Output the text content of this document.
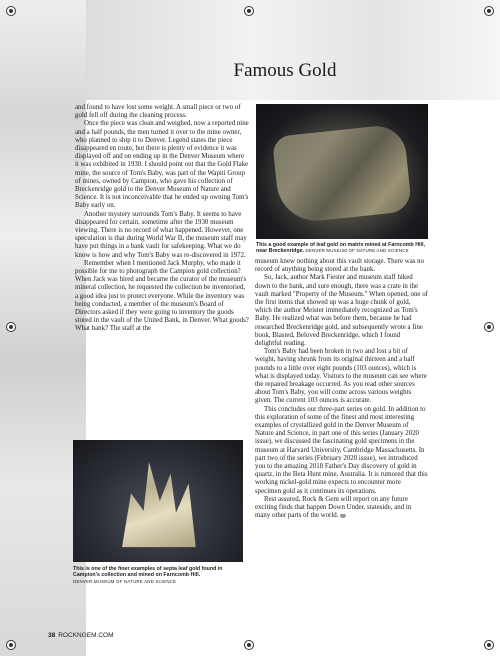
Famous Gold

and found to have lost some weight. A small piece or two of gold fell off during the cleaning process.

Once the piece was clean and weighed, now a reported nine and a half pounds, the men turned it over to the mine owner, who planned to ship it to Denver. Legend states the piece disappeared en route, but there is plenty of evidence it was displayed off and on ending up in the Denver Museum where it was exhibited in 1930. I should point out that the Gold Flake mine, the source of Tom's Baby, was part of the Wapiti Group of mines, owned by Campion, who gave his collection of Breckenridge gold to the Denver Museum of Nature and Science. It is not inconceivable that he ended up owning Tom's Baby early on.

Another mystery surrounds Tom's Baby. It seems to have disappeared for certain, sometime after the 1930 museum viewing. There is no record of what happened. However, one speculation is that during World War II, the museum staff may have put things in a bank vault for safekeeping. What we do know is how and why Tom's Baby was re-discovered in 1972.

Remember when I mentioned Jack Murphy, who made it possible for me to photograph the Campion gold collection? When Jack was hired and became the curator of the museum's mineral collection, he requested the collection be inventoried, a good idea just to protect everyone. While the inventory was being conducted, a member of the museum's Board of Directors asked if they were going to inventory the goods stored in the vault of the United Bank, in Denver. What goods? What bank? The staff at the

This a good example of leaf gold on matrix mined at Farncomb Hill, near Breckenridge. DENVER MUSEUM OF NATURE AND SCIENCE

museum knew nothing about this vault storage. There was no record of anything being stored at the bank.

So, Jack, author Mark Fiester and museum staff hiked down to the bank, and sure enough, there was a crate in the vault marked "Property of the Museum." When opened, one of the first items that showed up was a huge chunk of gold, which the author Meister immediately recognized as Tom's Baby. He realized what was before them, because he had researched Breckenridge gold, and subsequently wrote a fine book, Blasted, Beloved Breckenridge, which I found delightful reading.

Tom's Baby had been broken in two and lost a bit of weight, having shrunk from its original thirteen and a half pounds to a little over eight pounds (103 ounces), which is what is displayed today. Visitors to the museum can see where the repaired breakage occurred. As you read other sources about Tom's Baby, you will come across various weights given. The current 103 ounces is accurate.

This concludes our three-part series on gold. In addition to this exploration of some of the finest and most interesting examples of crystallized gold in the Denver Museum of Nature and Science, in part one of this series (January 2020 issue), we discussed the fascinating gold specimens in the museum at Harvard University, Cambridge Massachusetts. In part two of the series (February 2020 issue), we introduced you to the amazing 2018 Father's Day discovery of gold in quartz, in the Beta Hunt mine, Australia. It is rumored that this working nickel-gold mine expects to encounter more specimen gold as it continues its operations.

Rest assured, Rock & Gem will report on any future exciting finds that happen Down Under, stateside, and in many other parts of the world.

This is one of the finer examples of septa leaf gold found in Campion's collection and mined on Farncomb Hill.
DENVER MUSEUM OF NATURE AND SCIENCE
38 ROCKNGEM.COM
